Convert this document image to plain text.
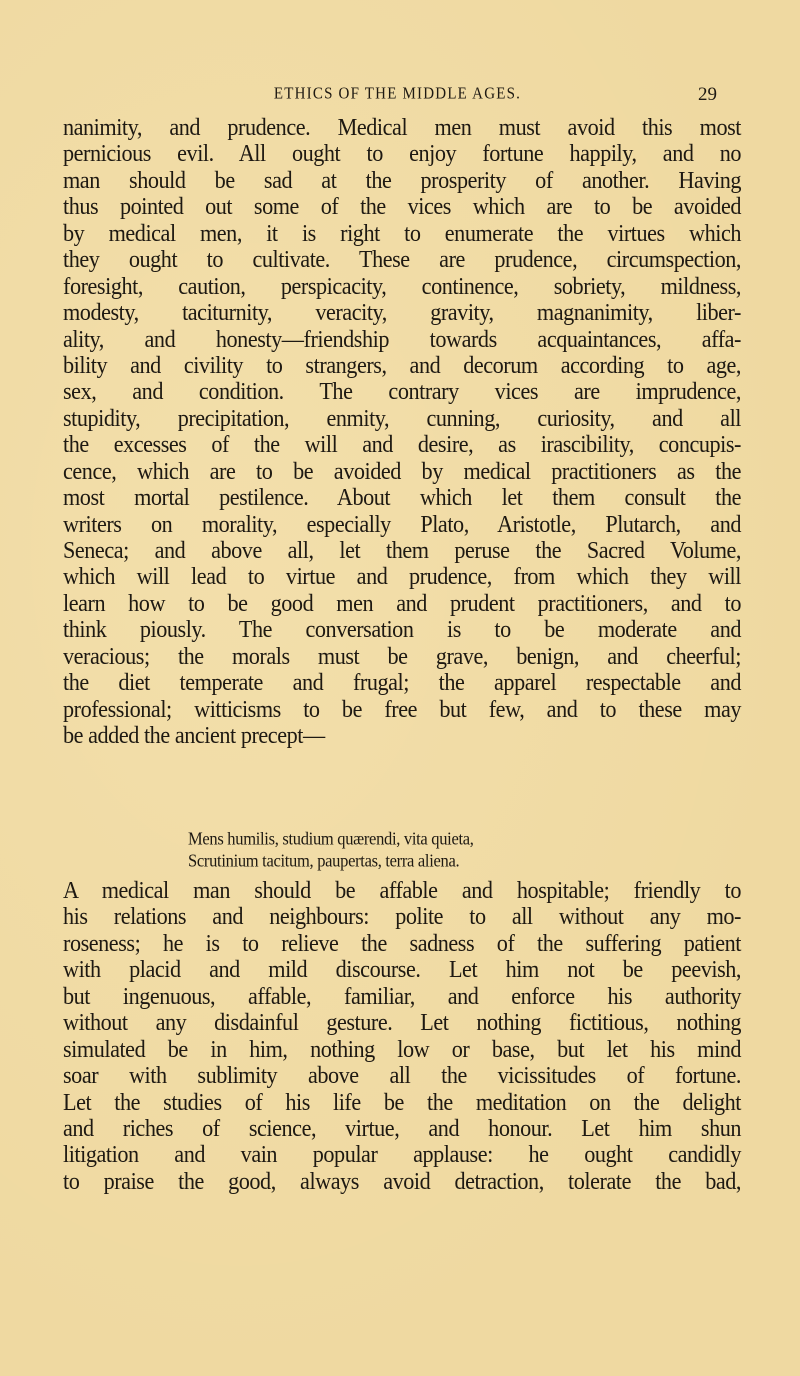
ETHICS OF THE MIDDLE AGES.	29
nanimity, and prudence. Medical men must avoid this most
pernicious evil. All ought to enjoy fortune happily, and no
man should be sad at the prosperity of another. Having
thus pointed out some of the vices which are to be avoided
by medical men, it is right to enumerate the virtues which
they ought to cultivate. These are prudence, circumspection,
foresight, caution, perspicacity, continence, sobriety, mildness,
modesty, taciturnity, veracity, gravity, magnanimity, liber-
ality, and honesty—friendship towards acquaintances, affa-
bility and civility to strangers, and decorum according to age,
sex, and condition. The contrary vices are imprudence,
stupidity, precipitation, enmity, cunning, curiosity, and all
the excesses of the will and desire, as irascibility, concupis-
cence, which are to be avoided by medical practitioners as the
most mortal pestilence. About which let them consult the
writers on morality, especially Plato, Aristotle, Plutarch, and
Seneca; and above all, let them peruse the Sacred Volume,
which will lead to virtue and prudence, from which they will
learn how to be good men and prudent practitioners, and to
think piously. The conversation is to be moderate and
veracious; the morals must be grave, benign, and cheerful;
the diet temperate and frugal; the apparel respectable and
professional; witticisms to be free but few, and to these may
be added the ancient precept—
Mens humilis, studium quærendi, vita quieta,
Scrutinium tacitum, paupertas, terra aliena.
A medical man should be affable and hospitable; friendly to
his relations and neighbours: polite to all without any mo-
roseness; he is to relieve the sadness of the suffering patient
with placid and mild discourse. Let him not be peevish,
but ingenuous, affable, familiar, and enforce his authority
without any disdainful gesture. Let nothing fictitious, nothing
simulated be in him, nothing low or base, but let his mind
soar with sublimity above all the vicissitudes of fortune.
Let the studies of his life be the meditation on the delight
and riches of science, virtue, and honour. Let him shun
litigation and vain popular applause: he ought candidly
to praise the good, always avoid detraction, tolerate the bad,
